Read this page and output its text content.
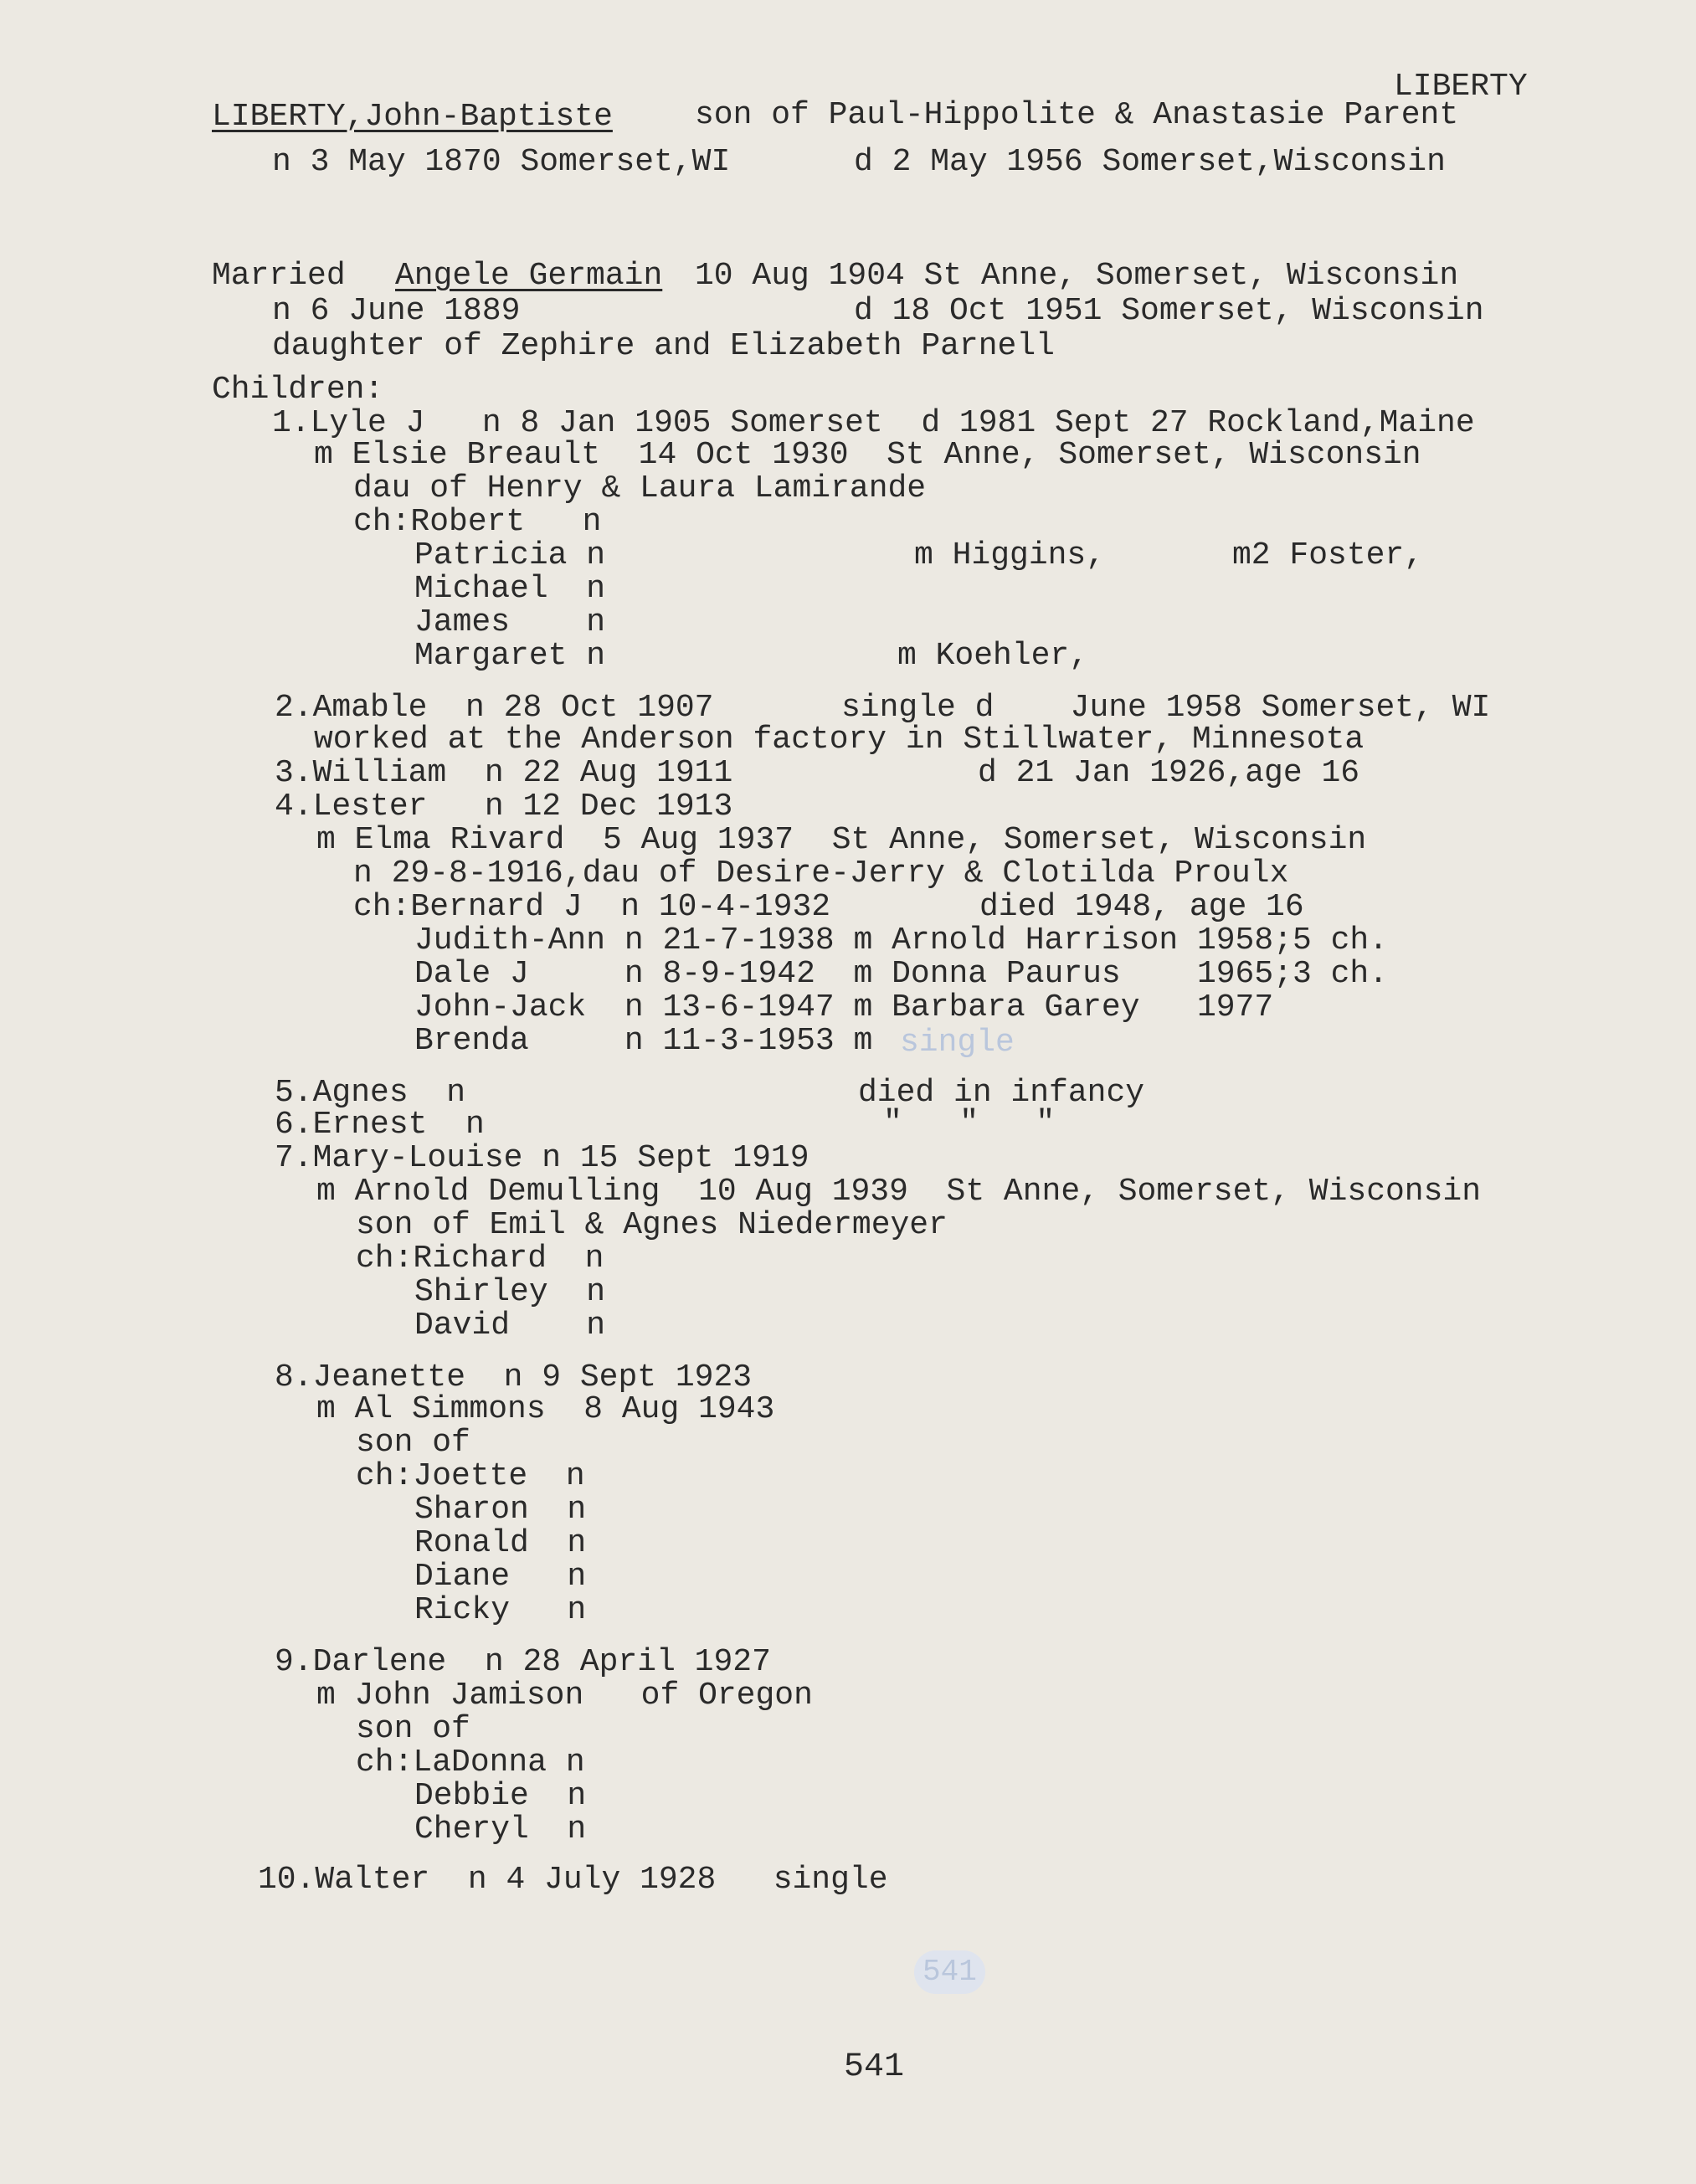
LIBERTY
LIBERTY,John-Baptiste	son of Paul-Hippolite & Anastasie Parent
n 3 May 1870 Somerset,WI	d 2 May 1956 Somerset,Wisconsin
Married Angele Germain 10 Aug 1904 St Anne, Somerset, Wisconsin
n 6 June 1889	d 18 Oct 1951 Somerset, Wisconsin
daughter of Zephire and Elizabeth Parnell
Children:
1.Lyle J   n 8 Jan 1905 Somerset  d 1981 Sept 27 Rockland,Maine
m Elsie Breault  14 Oct 1930  St Anne, Somerset, Wisconsin
dau of Henry & Laura Lamirande
ch:Robert   n
Patricia n	m Higgins,	m2 Foster,
Michael  n
James    n
Margaret n	m Koehler,
2.Amable  n 28 Oct 1907	single d    June 1958 Somerset, WI
worked at the Anderson factory in Stillwater, Minnesota
3.William  n 22 Aug 1911	d 21 Jan 1926,age 16
4.Lester   n 12 Dec 1913
m Elma Rivard  5 Aug 1937  St Anne, Somerset, Wisconsin
n 29-8-1916,dau of Desire-Jerry & Clotilda Proulx
ch:Bernard J  n 10-4-1932	died 1948, age 16
Judith-Ann n 21-7-1938 m Arnold Harrison 1958;5 ch.
Dale J     n 8-9-1942  m Donna Paurus    1965;3 ch.
John-Jack  n 13-6-1947 m Barbara Garey   1977
Brenda     n 11-3-1953 m single
5.Agnes  n	died in infancy
6.Ernest  n	"   "   "
7.Mary-Louise n 15 Sept 1919
m Arnold Demulling  10 Aug 1939  St Anne, Somerset, Wisconsin
son of Emil & Agnes Niedermeyer
ch:Richard  n
Shirley  n
David    n
8.Jeanette  n 9 Sept 1923
m Al Simmons  8 Aug 1943
son of
ch:Joette  n
Sharon  n
Ronald  n
Diane   n
Ricky   n
9.Darlene  n 28 April 1927
m John Jamison   of Oregon
son of
ch:LaDonna n
Debbie  n
Cheryl  n
10.Walter  n 4 July 1928   single
541
541
